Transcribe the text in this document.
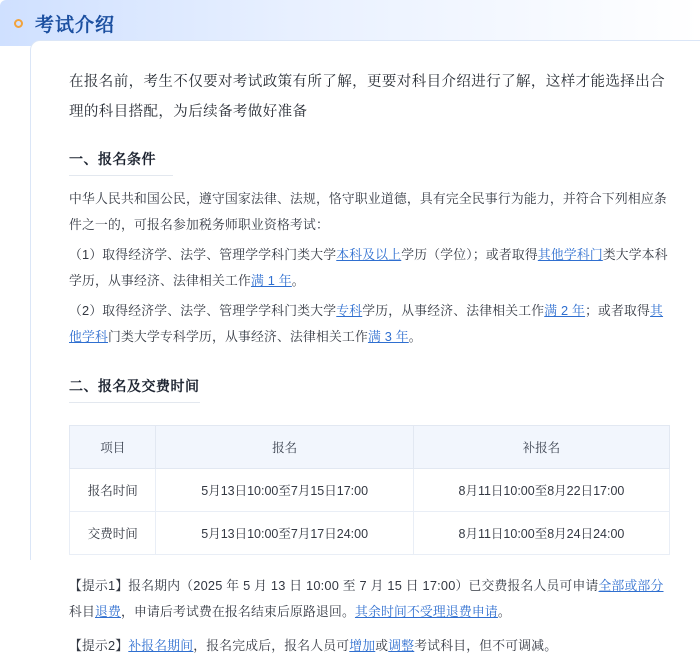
考试介绍

在报名前，考生不仅要对考试政策有所了解，更要对科目介绍进行了解，这样才能选择出合理的科目搭配，为后续备考做好准备

一、报名条件

中华人民共和国公民，遵守国家法律、法规，恪守职业道德，具有完全民事行为能力，并符合下列相应条件之一的，可报名参加税务师职业资格考试：

（1）取得经济学、法学、管理学学科门类大学本科及以上学历（学位）；或者取得其他学科门类大学本科学历，从事经济、法律相关工作满 1 年。

（2）取得经济学、法学、管理学学科门类大学专科学历，从事经济、法律相关工作满 2 年；或者取得其他学科门类大学专科学历，从事经济、法律相关工作满 3 年。

二、报名及交费时间
项目	报名	补报名
报名时间	5月13日10:00至7月15日17:00	8月11日10:00至8月22日17:00
交费时间	5月13日10:00至7月17日24:00	8月11日10:00至8月24日24:00

【提示1】报名期内（2025 年 5 月 13 日 10:00 至 7 月 15 日 17:00）已交费报名人员可申请全部或部分科目退费，申请后考试费在报名结束后原路退回。其余时间不受理退费申请。

【提示2】补报名期间，报名完成后，报名人员可增加或调整考试科目，但不可调减。
